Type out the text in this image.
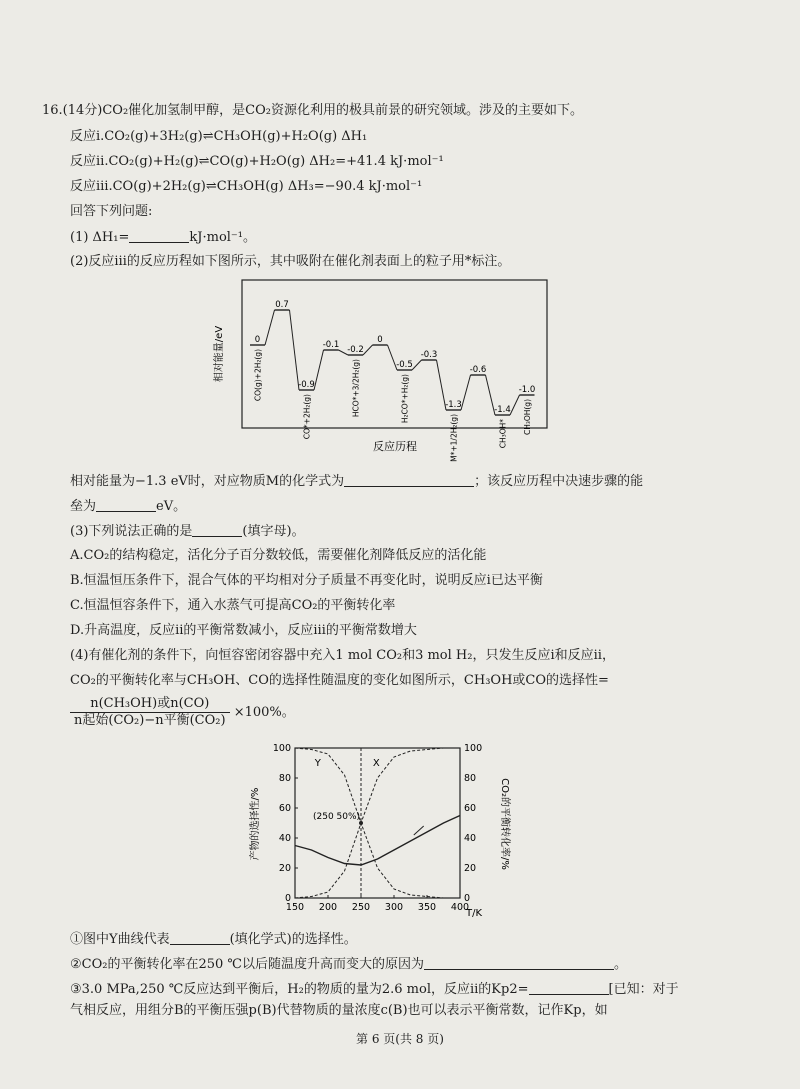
16.(14分)CO₂催化加氢制甲醇，是CO₂资源化利用的极具前景的研究领域。涉及的主要如下。
反应ⅰ.CO₂(g)+3H₂(g)⇌CH₃OH(g)+H₂O(g) ΔH₁
反应ⅱ.CO₂(g)+H₂(g)⇌CO(g)+H₂O(g) ΔH₂=+41.4 kJ·mol⁻¹
反应ⅲ.CO(g)+2H₂(g)⇌CH₃OH(g) ΔH₃=−90.4 kJ·mol⁻¹
回答下列问题:
(1) ΔH₁=	kJ·mol⁻¹。
(2)反应ⅲ的反应历程如下图所示，其中吸附在催化剂表面上的粒子用*标注。
相对能量/eV
反应历程
0
CO(g)+2H₂(g)
0.7
-0.9
CO*+2H₂(g)
-0.1 -0.2
HCO*+3/2H₂(g)
0
-0.5
H₂CO*+H₂(g)
-0.3
-1.3
M*+1/2H₂(g)
-0.6
-1.4
CH₃OH*
-1.0
CH₃OH(g)
相对能量为−1.3 eV时，对应物质M的化学式为	；该反应历程中决速步骤的能
垒为	eV。
(3)下列说法正确的是	(填字母)。
A.CO₂的结构稳定，活化分子百分数较低，需要催化剂降低反应的活化能
B.恒温恒压条件下，混合气体的平均相对分子质量不再变化时，说明反应ⅰ已达平衡
C.恒温恒容条件下，通入水蒸气可提高CO₂的平衡转化率
D.升高温度，反应ⅱ的平衡常数减小，反应ⅲ的平衡常数增大
(4)有催化剂的条件下，向恒容密闭容器中充入1 mol CO₂和3 mol H₂，只发生反应ⅰ和反应ⅱ，
CO₂的平衡转化率与CH₃OH、CO的选择性随温度的变化如图所示，CH₃OH或CO的选择性=
$\frac{\text{n(CH₃OH)或n(CO)}}{\text{n起始(CO₂)−n平衡(CO₂)}} \times 100\%$。
产物的选择性/%	CO₂的平衡转化率/%
T/K
150 200 250 300 350 400
0	0
20	20
40	40
60	60
80	80
100	100
Y	X
(250 50%)
①图中Y曲线代表	(填化学式)的选择性。
②CO₂的平衡转化率在250 ℃以后随温度升高而变大的原因为	。
③3.0 MPa,250 ℃反应达到平衡后，H₂的物质的量为2.6 mol，反应ⅱ的Kp2=	[已知：对于
气相反应，用组分B的平衡压强p(B)代替物质的量浓度c(B)也可以表示平衡常数，记作Kp，如
第 6 页(共 8 页)
